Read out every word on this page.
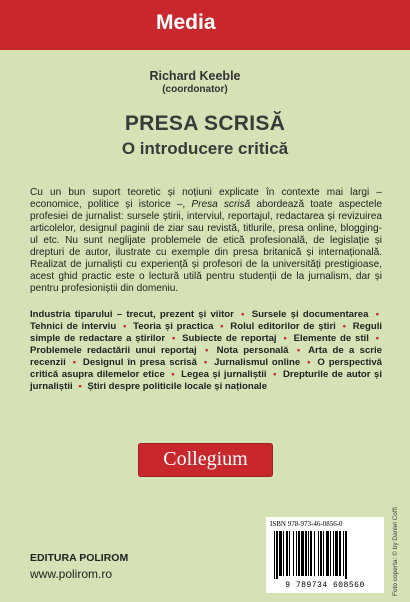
Media
Richard Keeble
(coordonator)
PRESA SCRISĂ
O introducere critică
Cu un bun suport teoretic și noțiuni explicate în contexte mai largi – economice, politice și istorice –, Presa scrisă abordează toate aspectele profesiei de jurnalist: sursele știrii, interviul, reportajul, redactarea și revizuirea articolelor, designul paginii de ziar sau revistă, titlurile, presa online, blogging-ul etc. Nu sunt neglijate problemele de etică profesională, de legislație și drepturi de autor, ilustrate cu exemple din presa britanică și internațională. Realizat de jurnaliști cu experiență și profesori de la universități prestigioase, acest ghid practic este o lectură utilă pentru studenții de la jurnalism, dar și pentru profesioniștii din domeniu.
Industria tiparului – trecut, prezent și viitor • Sursele și documentarea • Tehnici de interviu • Teoria și practica • Rolul editorilor de știri • Reguli simple de redactare a știrilor • Subiecte de reportaj • Elemente de stil • Problemele redactării unui reportaj • Nota personală • Arta de a scrie recenzii • Designul în presa scrisă • Jurnalismul online • O perspectivă critică asupra dilemelor etice • Legea și jurnaliștii • Drepturile de autor și jurnaliștii • Știri despre politicile locale și naționale
Collegium
ISBN 978-973-46-0856-0
9 789734 608560
EDITURA POLIROM
www.polirom.ro	Foto coperta: © by Daniel Coffi
